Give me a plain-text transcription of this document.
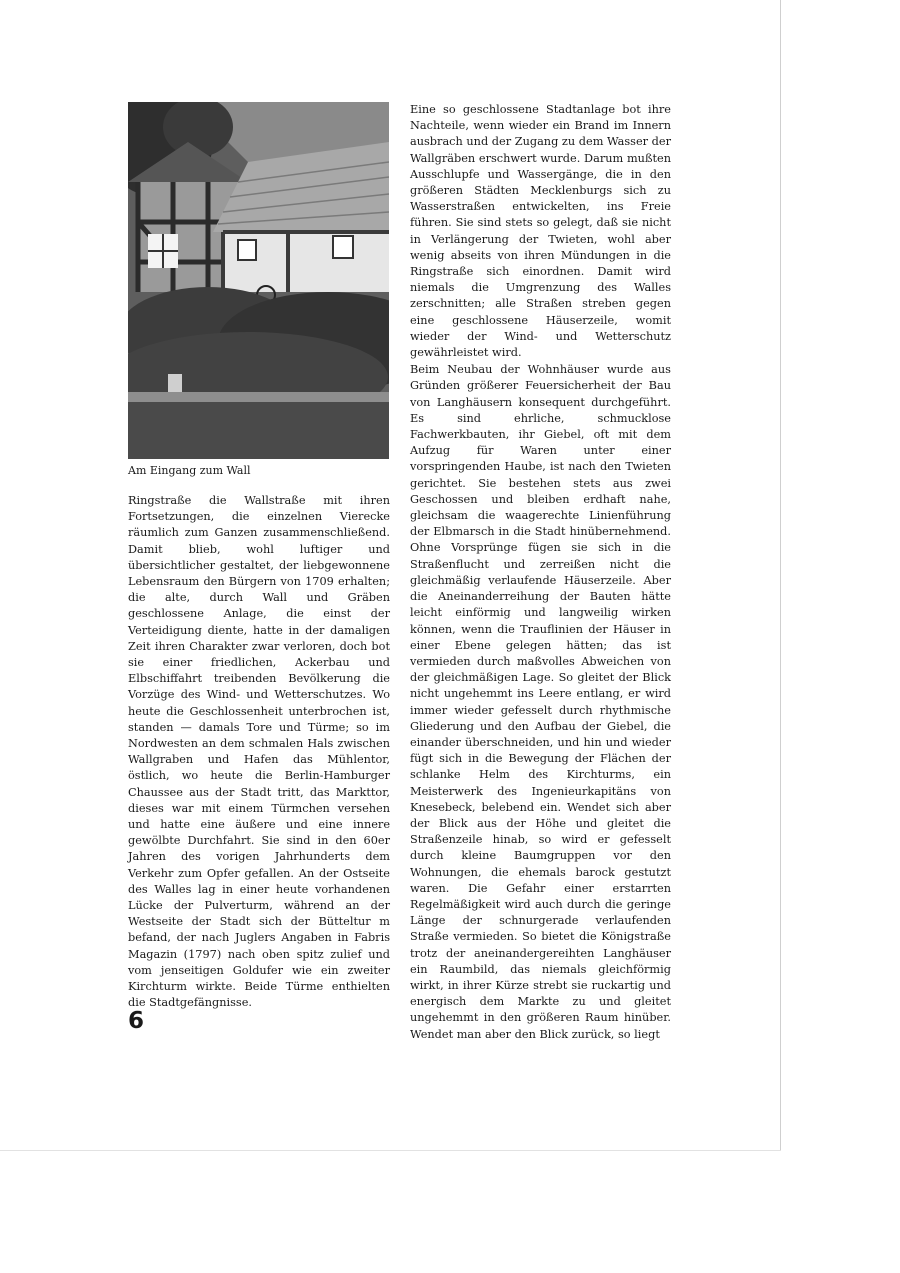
Am Eingang zum Wall

Ringstraße die Wallstraße mit ihren Fortsetzungen, die einzelnen Vierecke räumlich zum Ganzen zusammenschließend. Damit blieb, wohl luftiger und übersichtlicher gestaltet, der liebgewonnene Lebensraum den Bürgern von 1709 erhalten; die alte, durch Wall und Gräben geschlossene Anlage, die einst der Verteidigung diente, hatte in der damaligen Zeit ihren Charakter zwar verloren, doch bot sie einer friedlichen, Ackerbau und Elbschiffahrt treibenden Bevölkerung die Vorzüge des Wind- und Wetterschutzes. Wo heute die Geschlossenheit unterbrochen ist, standen — damals Tore und Türme; so im Nordwesten an dem schmalen Hals zwischen Wallgraben und Hafen das Mühlentor, östlich, wo heute die Berlin-Hamburger Chaussee aus der Stadt tritt, das Markttor, dieses war mit einem Türmchen versehen und hatte eine äußere und eine innere gewölbte Durchfahrt. Sie sind in den 60er Jahren des vorigen Jahrhunderts dem Verkehr zum Opfer gefallen. An der Ostseite des Walles lag in einer heute vorhandenen Lücke der Pulverturm, während an der Westseite der Stadt sich der Bütteltur m befand, der nach Juglers Angaben in Fabris Magazin (1797) nach oben spitz zulief und vom jenseitigen Goldufer wie ein zweiter Kirchturm wirkte. Beide Türme enthielten die Stadtgefängnisse.

Eine so geschlossene Stadtanlage bot ihre Nachteile, wenn wieder ein Brand im Innern ausbrach und der Zugang zu dem Wasser der Wallgräben erschwert wurde. Darum mußten Ausschlupfe und Wassergänge, die in den größeren Städten Mecklenburgs sich zu Wasserstraßen entwickelten, ins Freie führen. Sie sind stets so gelegt, daß sie nicht in Verlängerung der Twieten, wohl aber wenig abseits von ihren Mündungen in die Ringstraße sich einordnen. Damit wird niemals die Umgrenzung des Walles zerschnitten; alle Straßen streben gegen eine geschlossene Häuserzeile, womit wieder der Wind- und Wetterschutz gewährleistet wird.

Beim Neubau der Wohnhäuser wurde aus Gründen größerer Feuersicherheit der Bau von Langhäusern konsequent durchgeführt. Es sind ehrliche, schmucklose Fachwerkbauten, ihr Giebel, oft mit dem Aufzug für Waren unter einer vorspringenden Haube, ist nach den Twieten gerichtet. Sie bestehen stets aus zwei Geschossen und bleiben erdhaft nahe, gleichsam die waagerechte Linienführung der Elbmarsch in die Stadt hinübernehmend. Ohne Vorsprünge fügen sie sich in die Straßenflucht und zerreißen nicht die gleichmäßig verlaufende Häuserzeile. Aber die Aneinanderreihung der Bauten hätte leicht einförmig und langweilig wirken können, wenn die Trauflinien der Häuser in einer Ebene gelegen hätten; das ist vermieden durch maßvolles Abweichen von der gleichmäßigen Lage. So gleitet der Blick nicht ungehemmt ins Leere entlang, er wird immer wieder gefesselt durch rhythmische Gliederung und den Aufbau der Giebel, die einander überschneiden, und hin und wieder fügt sich in die Bewegung der Flächen der schlanke Helm des Kirchturms, ein Meisterwerk des Ingenieurkapitäns von Knesebeck, belebend ein. Wendet sich aber der Blick aus der Höhe und gleitet die Straßenzeile hinab, so wird er gefesselt durch kleine Baumgruppen vor den Wohnungen, die ehemals barock gestutzt waren. Die Gefahr einer erstarrten Regelmäßigkeit wird auch durch die geringe Länge der schnurgerade verlaufenden Straße vermieden. So bietet die Königstraße trotz der aneinandergereihten Langhäuser ein Raumbild, das niemals gleichförmig wirkt, in ihrer Kürze strebt sie ruckartig und energisch dem Markte zu und gleitet ungehemmt in den größeren Raum hinüber. Wendet man aber den Blick zurück, so liegt

6
